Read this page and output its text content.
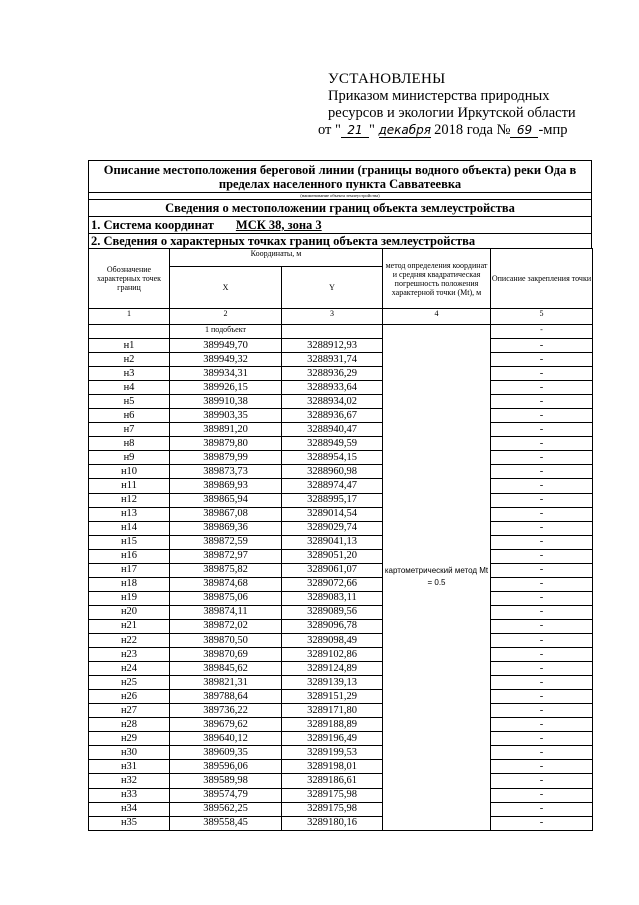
УСТАНОВЛЕНЫ
Приказом министерства природных
ресурсов и экологии Иркутской области
от " 21 " декабря 2018 года № 69 -мпр
Описание местоположения береговой линии (границы водного объекта) реки Ода в пределах населенного пункта Савватеевка
(наименование объекта землеустройства)
Сведения о местоположении границ объекта землеустройства
1. Система координат МСК 38, зона 3
2. Сведения о характерных точках границ объекта землеустройства
Обозначение характерных точек границ	Координаты, м		метод определения координат и средняя квадратическая погрешность положения характерной точки (Мt), м	Описание закрепления точки
	X	Y		
1	2	3	4	5
	1 подобъект		картометрический метод Mt = 0.5	-
н1	389949,70	3288912,93		-
н2	389949,32	3288931,74		-
н3	389934,31	3288936,29		-
н4	389926,15	3288933,64		-
н5	389910,38	3288934,02		-
н6	389903,35	3288936,67		-
н7	389891,20	3288940,47		-
н8	389879,80	3288949,59		-
н9	389879,99	3288954,15		-
н10	389873,73	3288960,98		-
н11	389869,93	3288974,47		-
н12	389865,94	3288995,17		-
н13	389867,08	3289014,54		-
н14	389869,36	3289029,74		-
н15	389872,59	3289041,13		-
н16	389872,97	3289051,20		-
н17	389875,82	3289061,07		-
н18	389874,68	3289072,66		-
н19	389875,06	3289083,11		-
н20	389874,11	3289089,56		-
н21	389872,02	3289096,78		-
н22	389870,50	3289098,49		-
н23	389870,69	3289102,86		-
н24	389845,62	3289124,89		-
н25	389821,31	3289139,13		-
н26	389788,64	3289151,29		-
н27	389736,22	3289171,80		-
н28	389679,62	3289188,89		-
н29	389640,12	3289196,49		-
н30	389609,35	3289199,53		-
н31	389596,06	3289198,01		-
н32	389589,98	3289186,61		-
н33	389574,79	3289175,98		-
н34	389562,25	3289175,98		-
н35	389558,45	3289180,16		-
